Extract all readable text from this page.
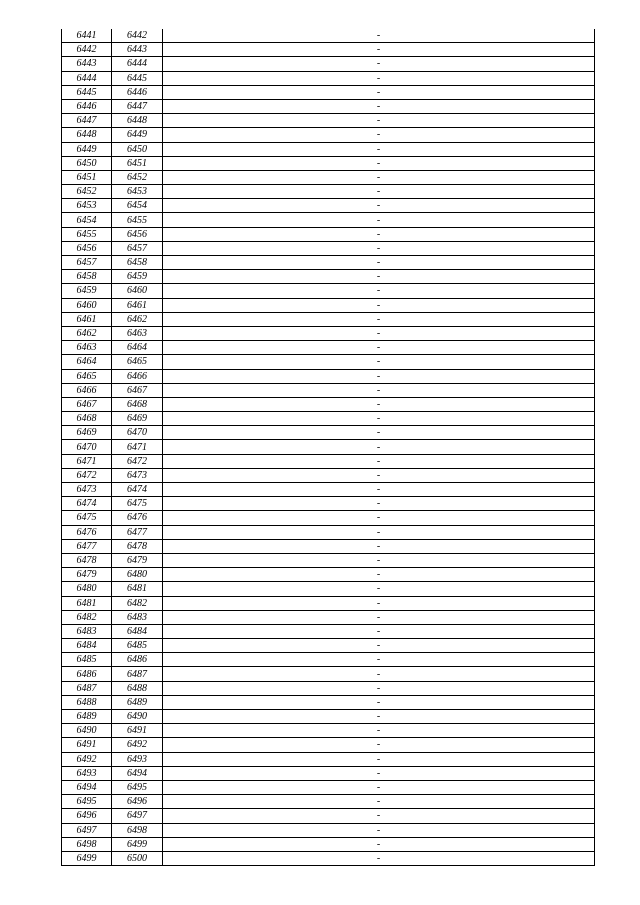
6441	6442	-
6442	6443	-
6443	6444	-
6444	6445	-
6445	6446	-
6446	6447	-
6447	6448	-
6448	6449	-
6449	6450	-
6450	6451	-
6451	6452	-
6452	6453	-
6453	6454	-
6454	6455	-
6455	6456	-
6456	6457	-
6457	6458	-
6458	6459	-
6459	6460	-
6460	6461	-
6461	6462	-
6462	6463	-
6463	6464	-
6464	6465	-
6465	6466	-
6466	6467	-
6467	6468	-
6468	6469	-
6469	6470	-
6470	6471	-
6471	6472	-
6472	6473	-
6473	6474	-
6474	6475	-
6475	6476	-
6476	6477	-
6477	6478	-
6478	6479	-
6479	6480	-
6480	6481	-
6481	6482	-
6482	6483	-
6483	6484	-
6484	6485	-
6485	6486	-
6486	6487	-
6487	6488	-
6488	6489	-
6489	6490	-
6490	6491	-
6491	6492	-
6492	6493	-
6493	6494	-
6494	6495	-
6495	6496	-
6496	6497	-
6497	6498	-
6498	6499	-
6499	6500	-
